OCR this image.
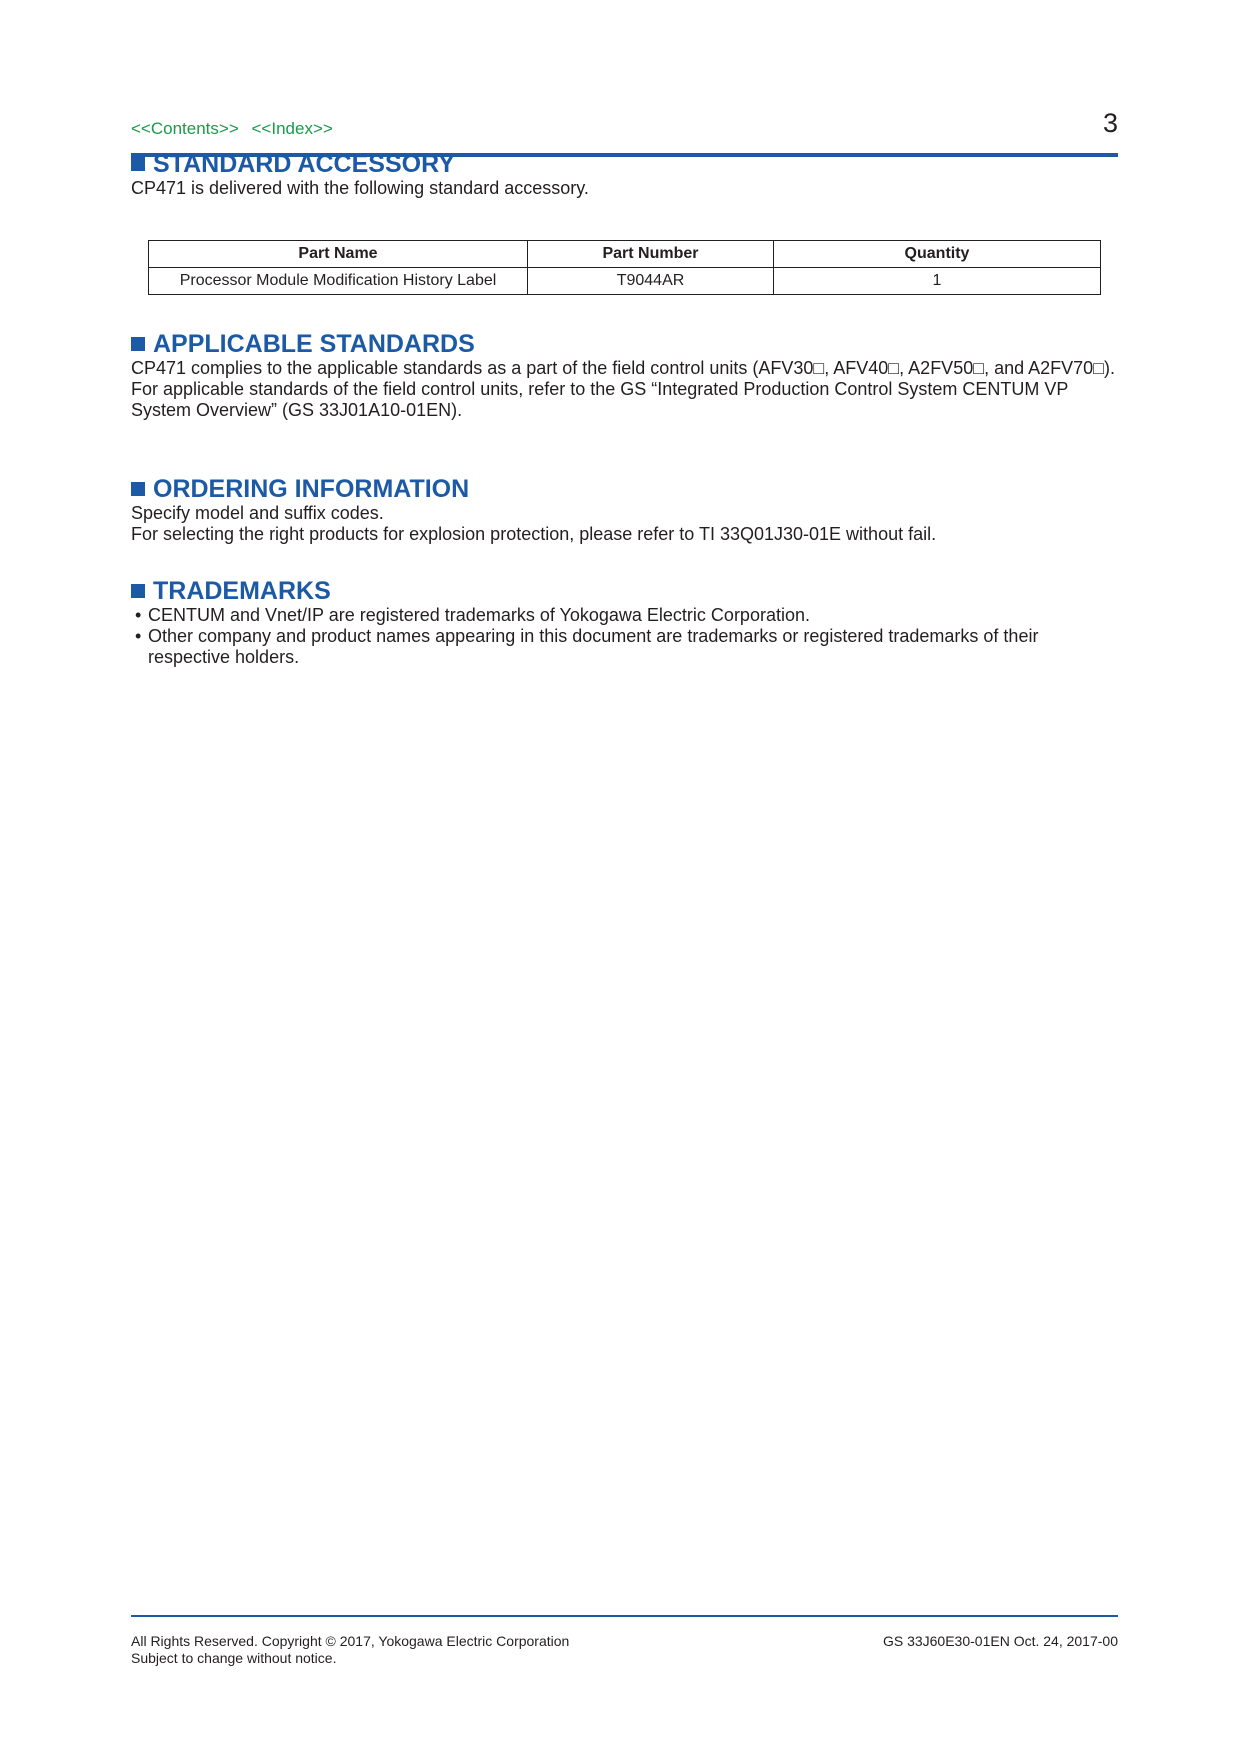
<<Contents>> <<Index>>	3
STANDARD ACCESSORY

CP471 is delivered with the following standard accessory.

Part Name	Part Number	Quantity
Processor Module Modification History Label	T9044AR	1
APPLICABLE STANDARDS

CP471 complies to the applicable standards as a part of the field control units (AFV30□, AFV40□, A2FV50□, and A2FV70□).

For applicable standards of the field control units, refer to the GS “Integrated Production Control System CENTUM VP System Overview” (GS 33J01A10-01EN).

ORDERING INFORMATION

Specify model and suffix codes.

For selecting the right products for explosion protection, please refer to TI 33Q01J30-01E without fail.

TRADEMARKS
• CENTUM and Vnet/IP are registered trademarks of Yokogawa Electric Corporation.
• Other company and product names appearing in this document are trademarks or registered trademarks of their respective holders.
All Rights Reserved. Copyright © 2017, Yokogawa Electric Corporation
Subject to change without notice.
GS 33J60E30-01EN Oct. 24, 2017-00
